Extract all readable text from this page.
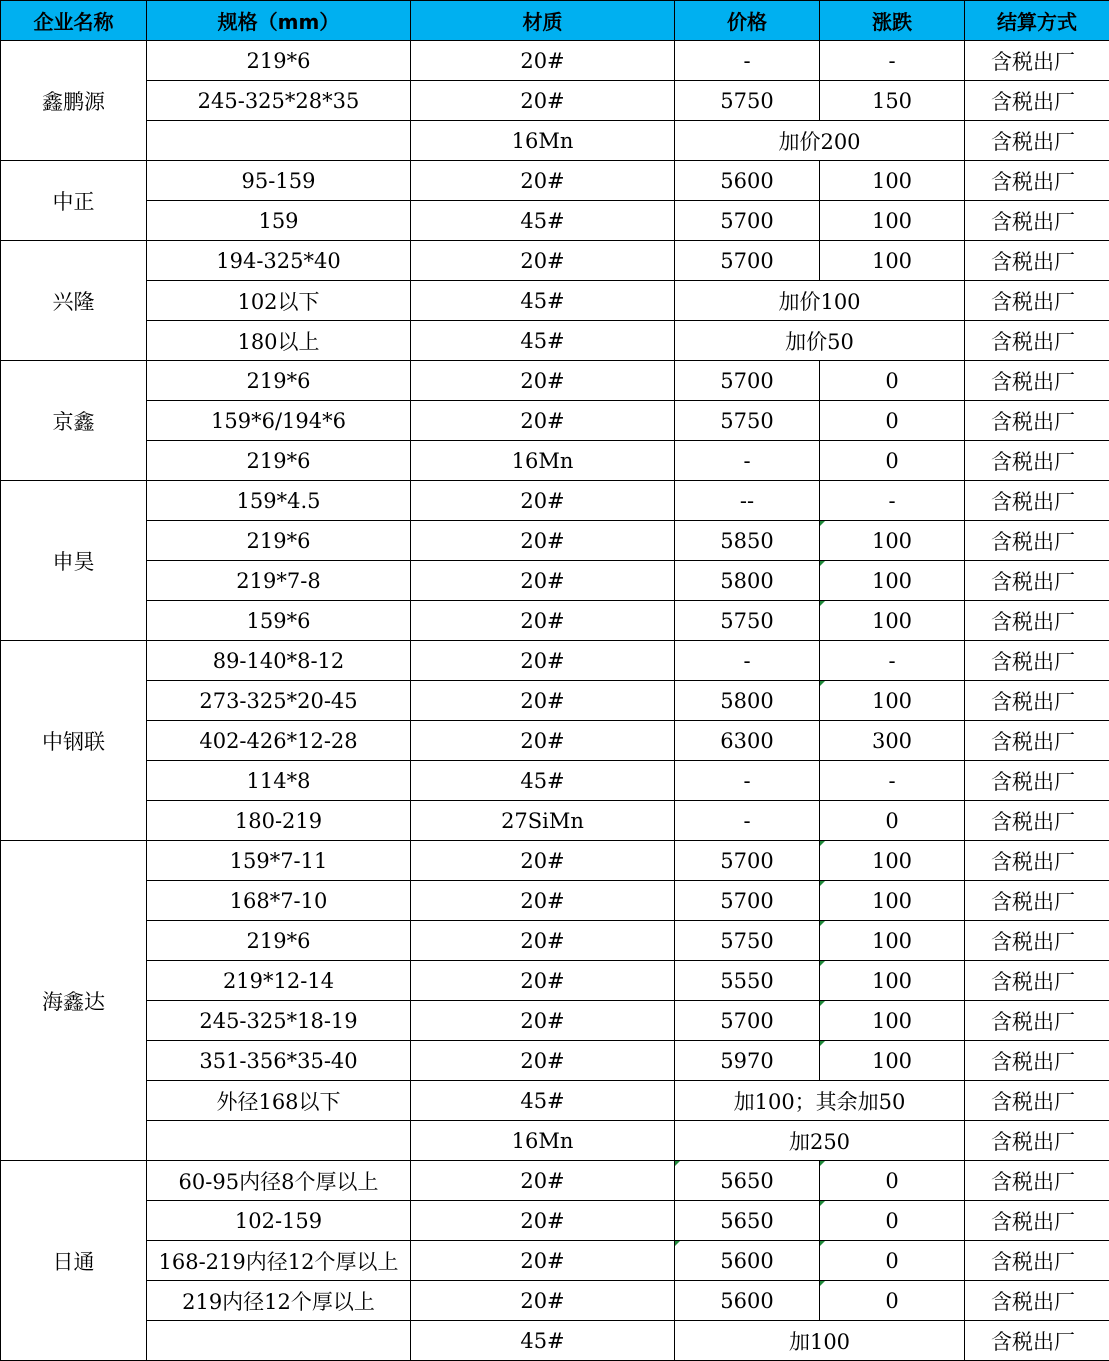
企业名称	规格（mm）	材质	价格	涨跌	结算方式
鑫鹏源	219*6	20#	-	-	含税出厂
	245-325*28*35	20#	5750	150	含税出厂
		16Mn	加价200		含税出厂
中正	95-159	20#	5600	100	含税出厂
	159	45#	5700	100	含税出厂
兴隆	194-325*40	20#	5700	100	含税出厂
	102以下	45#	加价100		含税出厂
	180以上	45#	加价50		含税出厂
京鑫	219*6	20#	5700	0	含税出厂
	159*6/194*6	20#	5750	0	含税出厂
	219*6	16Mn	-	0	含税出厂
申昊	159*4.5	20#	--	-	含税出厂
	219*6	20#	5850	100	含税出厂
	219*7-8	20#	5800	100	含税出厂
	159*6	20#	5750	100	含税出厂
中钢联	89-140*8-12	20#	-	-	含税出厂
	273-325*20-45	20#	5800	100	含税出厂
	402-426*12-28	20#	6300	300	含税出厂
	114*8	45#	-	-	含税出厂
	180-219	27SiMn	-	0	含税出厂
海鑫达	159*7-11	20#	5700	100	含税出厂
	168*7-10	20#	5700	100	含税出厂
	219*6	20#	5750	100	含税出厂
	219*12-14	20#	5550	100	含税出厂
	245-325*18-19	20#	5700	100	含税出厂
	351-356*35-40	20#	5970	100	含税出厂
	外径168以下	45#	加100；其余加50		含税出厂
		16Mn	加250		含税出厂
日通	60-95内径8个厚以上	20#	5650	0	含税出厂
	102-159	20#	5650	0	含税出厂
	168-219内径12个厚以上	20#	5600	0	含税出厂
	219内径12个厚以上	20#	5600	0	含税出厂
		45#	加100		含税出厂
